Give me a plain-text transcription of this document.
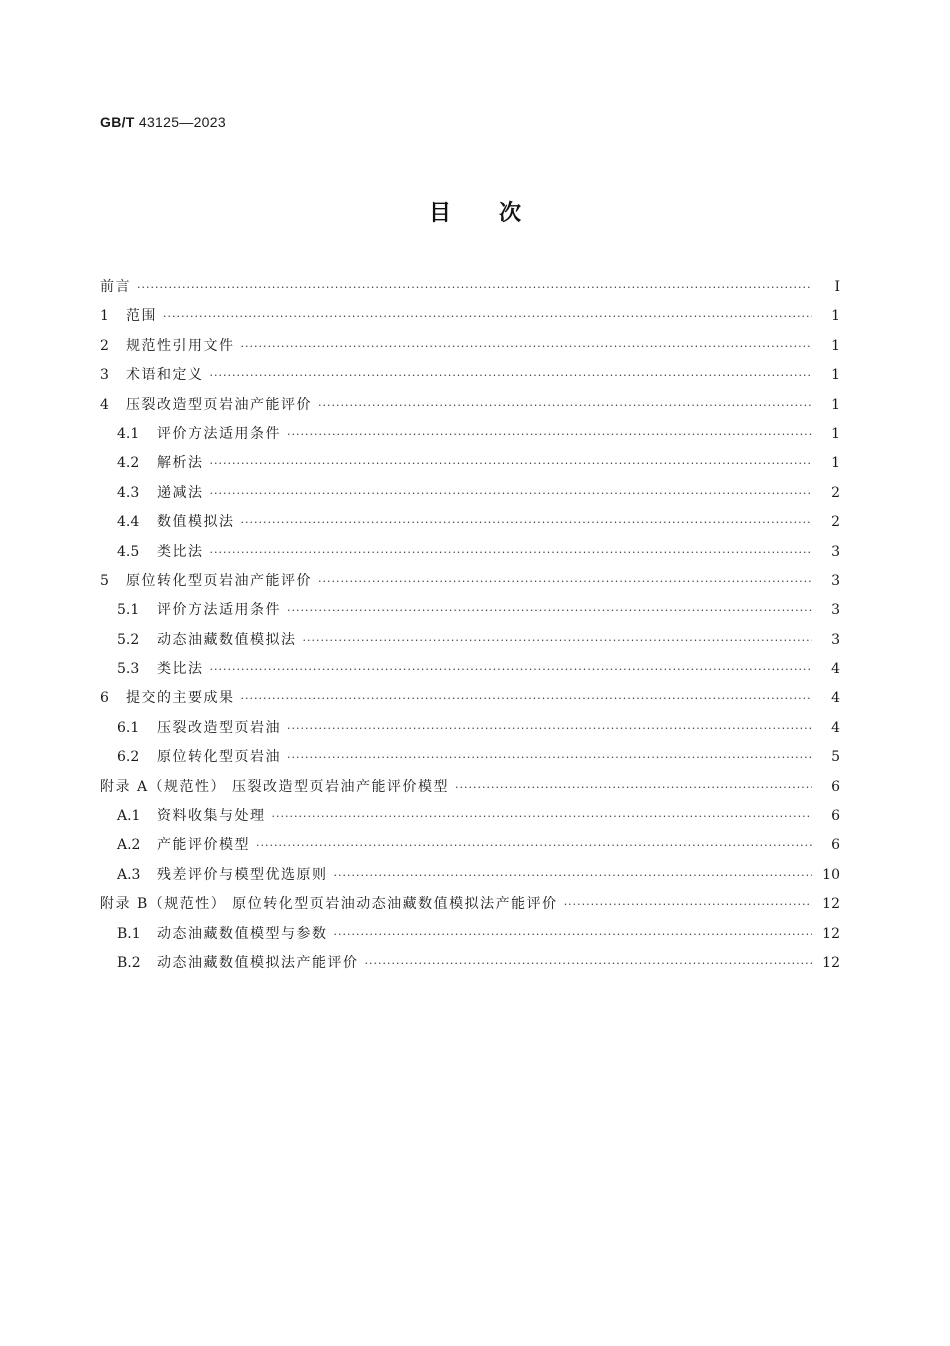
GB/T 43125—2023
目次
前言 ·····	Ⅰ
1	范围 ·····	1
2	规范性引用文件 ·····	1
3	术语和定义 ·····	1
4	压裂改造型页岩油产能评价 ·····	1
4.1	评价方法适用条件 ·····	1
4.2	解析法 ·····	1
4.3	递减法 ·····	2
4.4	数值模拟法 ·····	2
4.5	类比法 ·····	3
5	原位转化型页岩油产能评价 ·····	3
5.1	评价方法适用条件 ·····	3
5.2	动态油藏数值模拟法 ·····	3
5.3	类比法 ·····	4
6	提交的主要成果 ·····	4
6.1	压裂改造型页岩油 ·····	4
6.2	原位转化型页岩油 ·····	5
附录 A（规范性） 压裂改造型页岩油产能评价模型 ·····	6
A.1	资料收集与处理 ·····	6
A.2	产能评价模型 ·····	6
A.3	残差评价与模型优选原则 ·····	10
附录 B（规范性） 原位转化型页岩油动态油藏数值模拟法产能评价 ·····	12
B.1	动态油藏数值模型与参数 ·····	12
B.2	动态油藏数值模拟法产能评价 ·····	12
